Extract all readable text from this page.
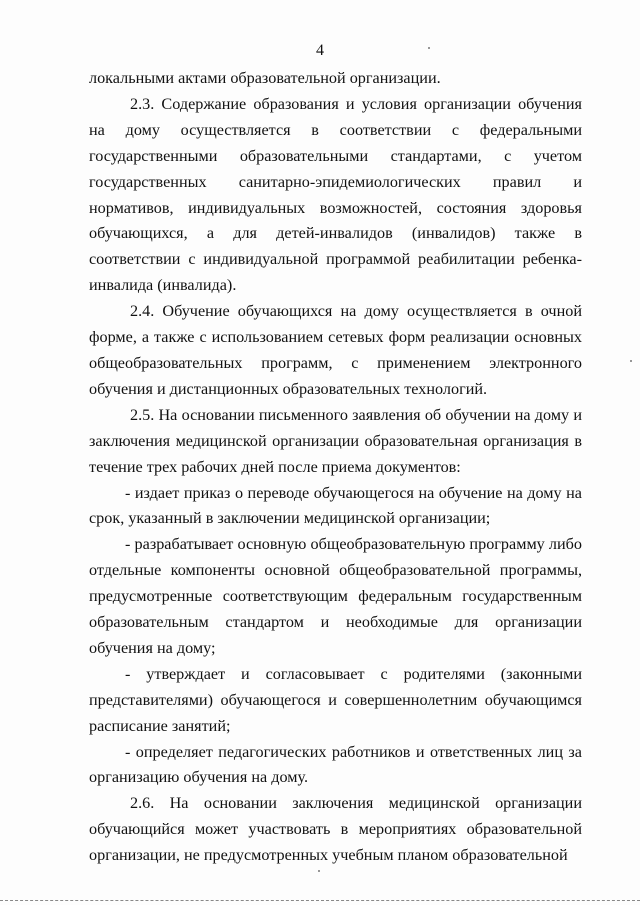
4

локальными актами образовательной организации.

2.3. Содержание образования и условия организации обучения на дому осуществляется в соответствии с федеральными государственными образовательными стандартами, с учетом государственных санитарно-эпидемиологических правил и нормативов, индивидуальных возможностей, состояния здоровья обучающихся, а для детей-инвалидов (инвалидов) также в соответствии с индивидуальной программой реабилитации ребенка-инвалида (инвалида).

2.4. Обучение обучающихся на дому осуществляется в очной форме, а также с использованием сетевых форм реализации основных общеобразовательных программ, с применением электронного обучения и дистанционных образовательных технологий.

2.5. На основании письменного заявления об обучении на дому и заключения медицинской организации образовательная организация в течение трех рабочих дней после приема документов:

- издает приказ о переводе обучающегося на обучение на дому на срок, указанный в заключении медицинской организации;

- разрабатывает основную общеобразовательную программу либо отдельные компоненты основной общеобразовательной программы, предусмотренные соответствующим федеральным государственным образовательным стандартом и необходимые для организации обучения на дому;

- утверждает и согласовывает с родителями (законными представителями) обучающегося и совершеннолетним обучающимся расписание занятий;

- определяет педагогических работников и ответственных лиц за организацию обучения на дому.

2.6. На основании заключения медицинской организации обучающийся может участвовать в мероприятиях образовательной организации, не предусмотренных учебным планом образовательной
